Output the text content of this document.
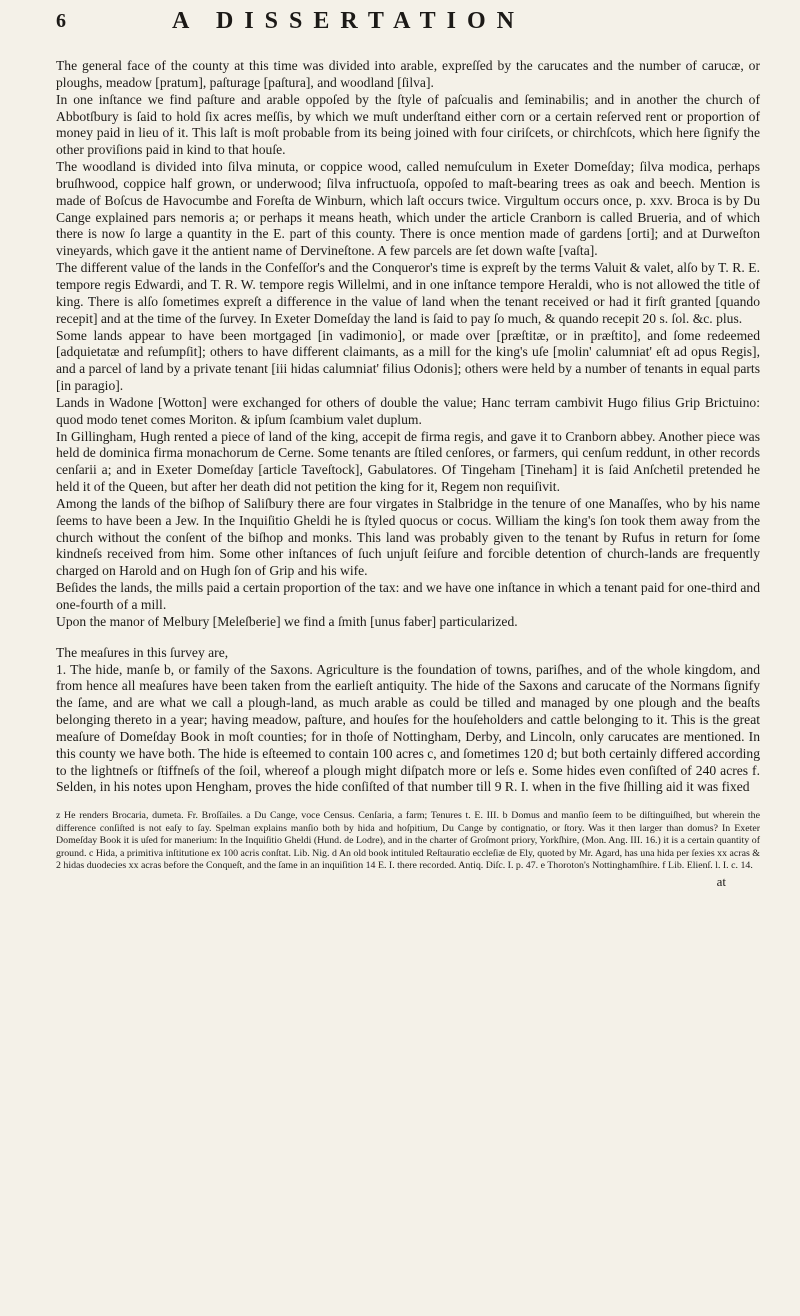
6	A DISSERTATION

The general face of the county at this time was divided into arable, expreſſed by the carucates and the number of carucæ, or ploughs, meadow [pratum], paſturage [paſtura], and woodland [ſilva].

In one inſtance we find paſture and arable oppoſed by the ſtyle of paſcualis and ſeminabilis; and in another the church of Abbotſbury is ſaid to hold ſix acres meſſis, by which we muſt underſtand either corn or a certain reſerved rent or proportion of money paid in lieu of it. This laſt is moſt probable from its being joined with four ciriſcets, or chirchſcots, which here ſignify the other proviſions paid in kind to that houſe.

The woodland is divided into ſilva minuta, or coppice wood, called nemuſculum in Exeter Domeſday; ſilva modica, perhaps bruſhwood, coppice half grown, or underwood; ſilva infructuoſa, oppoſed to maſt-bearing trees as oak and beech. Mention is made of Boſcus de Havocumbe and Foreſta de Winburn, which laſt occurs twice. Virgultum occurs once, p. xxv. Broca is by Du Cange explained pars nemoris a; or perhaps it means heath, which under the article Cranborn is called Brueria, and of which there is now ſo large a quantity in the E. part of this county. There is once mention made of gardens [orti]; and at Durweſton vineyards, which gave it the antient name of Dervineſtone. A few parcels are ſet down waſte [vaſta].

The different value of the lands in the Confeſſor's and the Conqueror's time is expreſt by the terms Valuit & valet, alſo by T. R. E. tempore regis Edwardi, and T. R. W. tempore regis Willelmi, and in one inſtance tempore Heraldi, who is not allowed the title of king. There is alſo ſometimes expreſt a difference in the value of land when the tenant received or had it firſt granted [quando recepit] and at the time of the ſurvey. In Exeter Domeſday the land is ſaid to pay ſo much, & quando recepit 20 s. ſol. &c. plus.

Some lands appear to have been mortgaged [in vadimonio], or made over [præſtitæ, or in præſtito], and ſome redeemed [adquietatæ and reſumpſit]; others to have different claimants, as a mill for the king's uſe [molin' calumniat' eſt ad opus Regis], and a parcel of land by a private tenant [iii hidas calumniat' filius Odonis]; others were held by a number of tenants in equal parts [in paragio].

Lands in Wadone [Wotton] were exchanged for others of double the value; Hanc terram cambivit Hugo filius Grip Brictuino: quod modo tenet comes Moriton. & ipſum ſcambium valet duplum.

In Gillingham, Hugh rented a piece of land of the king, accepit de firma regis, and gave it to Cranborn abbey. Another piece was held de dominica firma monachorum de Cerne. Some tenants are ſtiled cenſores, or farmers, qui cenſum reddunt, in other records cenſarii a; and in Exeter Domeſday [article Taveſtock], Gabulatores. Of Tingeham [Tineham] it is ſaid Anſchetil pretended he held it of the Queen, but after her death did not petition the king for it, Regem non requiſivit.

Among the lands of the biſhop of Saliſbury there are four virgates in Stalbridge in the tenure of one Manaſſes, who by his name ſeems to have been a Jew. In the Inquiſitio Gheldi he is ſtyled quocus or cocus. William the king's ſon took them away from the church without the conſent of the biſhop and monks. This land was probably given to the tenant by Rufus in return for ſome kindneſs received from him. Some other inſtances of ſuch unjuſt ſeiſure and forcible detention of church-lands are frequently charged on Harold and on Hugh ſon of Grip and his wife.

Beſides the lands, the mills paid a certain proportion of the tax: and we have one inſtance in which a tenant paid for one-third and one-fourth of a mill.

Upon the manor of Melbury [Meleſberie] we find a ſmith [unus faber] particularized.

The meaſures in this ſurvey are,

1. The hide, manſe b, or family of the Saxons. Agriculture is the foundation of towns, pariſhes, and of the whole kingdom, and from hence all meaſures have been taken from the earlieſt antiquity. The hide of the Saxons and carucate of the Normans ſignify the ſame, and are what we call a plough-land, as much arable as could be tilled and managed by one plough and the beaſts belonging thereto in a year; having meadow, paſture, and houſes for the houſeholders and cattle belonging to it. This is the great meaſure of Domeſday Book in moſt counties; for in thoſe of Nottingham, Derby, and Lincoln, only carucates are mentioned. In this county we have both. The hide is eſteemed to contain 100 acres c, and ſometimes 120 d; but both certainly differed according to the lightneſs or ſtiffneſs of the ſoil, whereof a plough might diſpatch more or leſs e. Some hides even conſiſted of 240 acres f. Selden, in his notes upon Hengham, proves the hide conſiſted of that number till 9 R. I. when in the five ſhilling aid it was fixed

z He renders Brocaria, dumeta. Fr. Broſſailes. a Du Cange, voce Census. Cenſaria, a farm; Tenures t. E. III. b Domus and manſio ſeem to be diſtinguiſhed, but wherein the difference conſiſted is not eaſy to ſay. Spelman explains manſio both by hida and hoſpitium, Du Cange by contignatio, or ſtory. Was it then larger than domus? In Exeter Domeſday Book it is uſed for manerium: In the Inquiſitio Gheldi (Hund. de Lodre), and in the charter of Groſmont priory, Yorkſhire, (Mon. Ang. III. 16.) it is a certain quantity of ground. c Hida, a primitiva inſtitutione ex 100 acris conſtat. Lib. Nig. d An old book intituled Reſtauratio eccleſiæ de Ely, quoted by Mr. Agard, has una hida per ſexies xx acras & 2 hidas duodecies xx acras before the Conqueſt, and the ſame in an inquiſition 14 E. I. there recorded. Antiq. Diſc. I. p. 47. e Thoroton's Nottinghamſhire. f Lib. Elienſ. l. I. c. 14.

at
